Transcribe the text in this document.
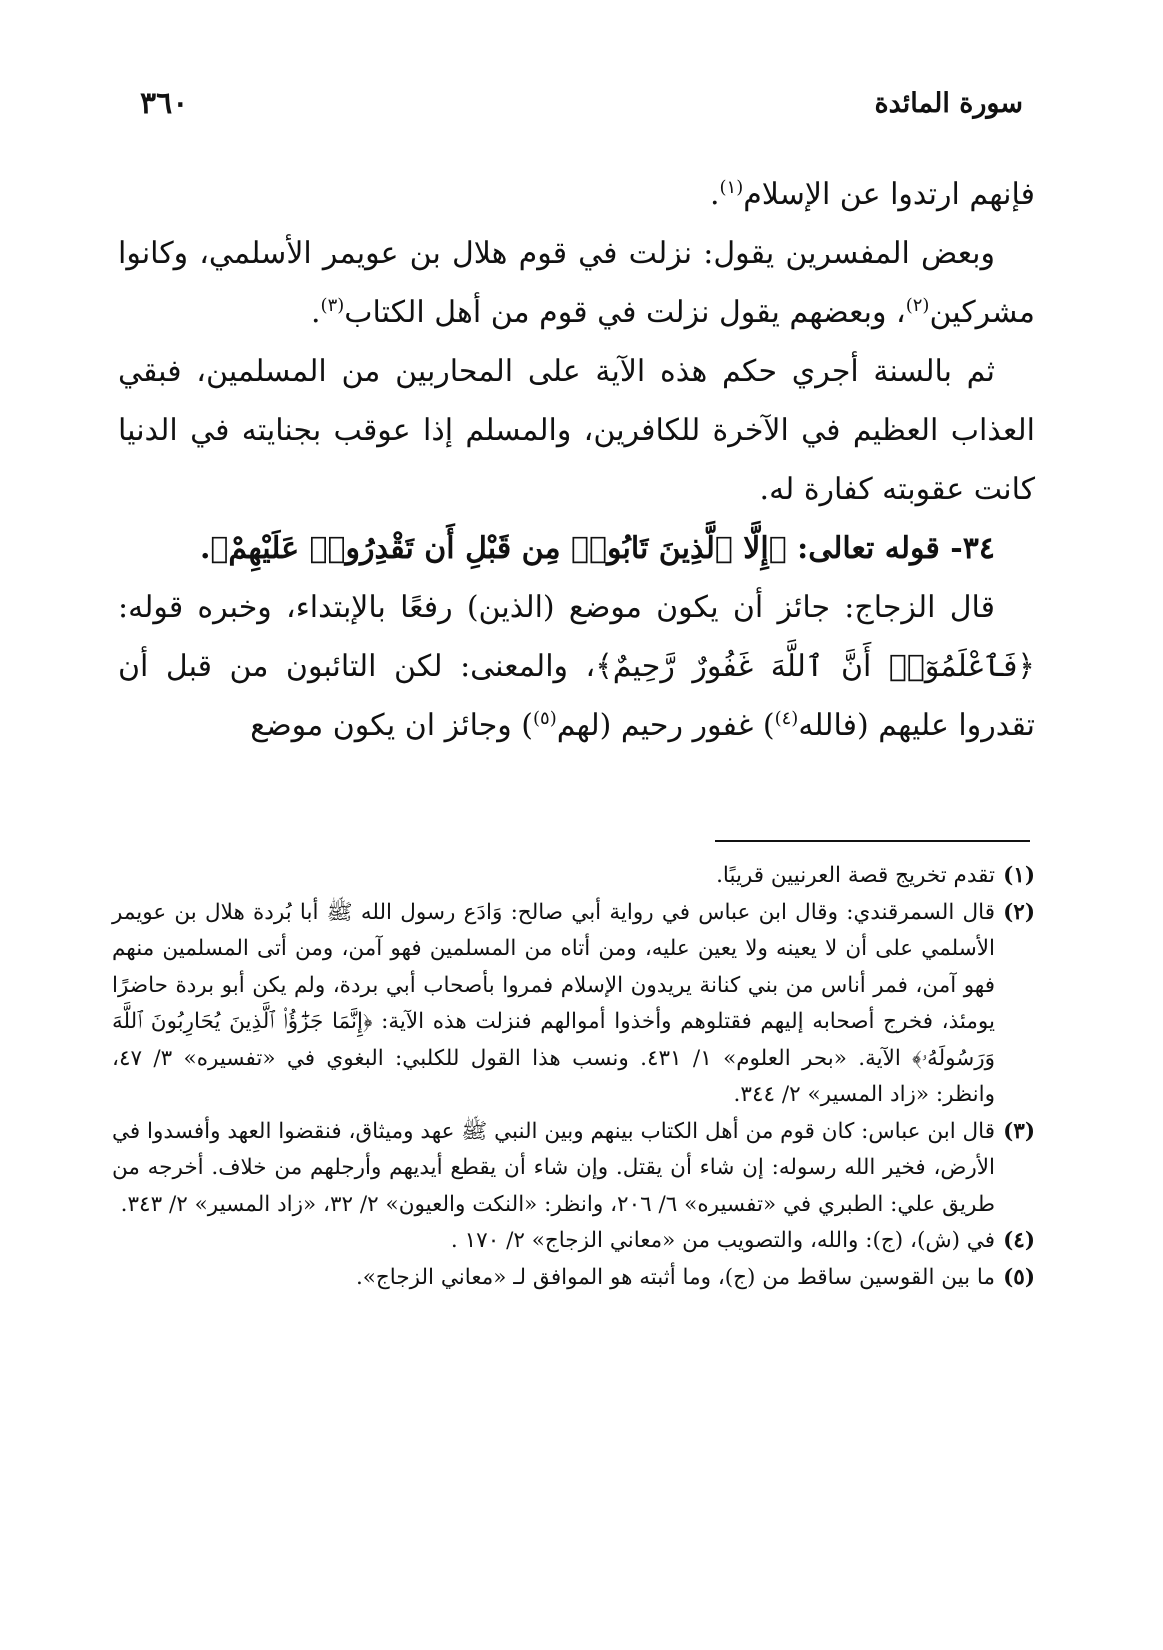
سورة المائدة
٣٦٠

فإنهم ارتدوا عن الإسلام$^{(١)}$.

وبعض المفسرين يقول: نزلت في قوم هلال بن عويمر الأسلمي، وكانوا مشركين$^{(٢)}$، وبعضهم يقول نزلت في قوم من أهل الكتاب$^{(٣)}$.

ثم بالسنة أجري حكم هذه الآية على المحاربين من المسلمين، فبقي العذاب العظيم في الآخرة للكافرين، والمسلم إذا عوقب بجنايته في الدنيا كانت عقوبته كفارة له.

٣٤- قوله تعالى: ﴿إِلَّا ٱلَّذِينَ تَابُوا۟ مِن قَبْلِ أَن تَقْدِرُوا۟ عَلَيْهِمْ﴾.

قال الزجاج: جائز أن يكون موضع (الذين) رفعًا بالإبتداء، وخبره قوله: ﴿فَٱعْلَمُوٓا۟ أَنَّ ٱللَّهَ غَفُورٌ رَّحِيمٌ﴾، والمعنى: لكن التائبون من قبل أن تقدروا عليهم (فالله$^{(٤)}$) غفور رحيم (لهم$^{(٥)}$) وجائز ان يكون موضع

(١)
تقدم تخريج قصة العرنيين قريبًا.
(٢)
قال السمرقندي: وقال ابن عباس في رواية أبي صالح: وَادَع رسول الله ﷺ أبا بُردة هلال بن عويمر الأسلمي على أن لا يعينه ولا يعين عليه، ومن أتاه من المسلمين فهو آمن، ومن أتى المسلمين منهم فهو آمن، فمر أناس من بني كنانة يريدون الإسلام فمروا بأصحاب أبي بردة، ولم يكن أبو بردة حاضرًا يومئذ، فخرج أصحابه إليهم فقتلوهم وأخذوا أموالهم فنزلت هذه الآية: ﴿إِنَّمَا جَزَٰٓؤُا۟ ٱلَّذِينَ يُحَارِبُونَ ٱللَّهَ وَرَسُولَهُۥ﴾ الآية. «بحر العلوم» ١/ ٤٣١. ونسب هذا القول للكلبي: البغوي في «تفسيره» ٣/ ٤٧، وانظر: «زاد المسير» ٢/ ٣٤٤.
(٣)
قال ابن عباس: كان قوم من أهل الكتاب بينهم وبين النبي ﷺ عهد وميثاق، فنقضوا العهد وأفسدوا في الأرض، فخير الله رسوله: إن شاء أن يقتل. وإن شاء أن يقطع أيديهم وأرجلهم من خلاف. أخرجه من طريق علي: الطبري في «تفسيره» ٦/ ٢٠٦، وانظر: «النكت والعيون» ٢/ ٣٢، «زاد المسير» ٢/ ٣٤٣.
(٤)
في (ش)، (ج): والله، والتصويب من «معاني الزجاج» ٢/ ١٧٠ .
(٥)
ما بين القوسين ساقط من (ج)، وما أثبته هو الموافق لـ «معاني الزجاج».
